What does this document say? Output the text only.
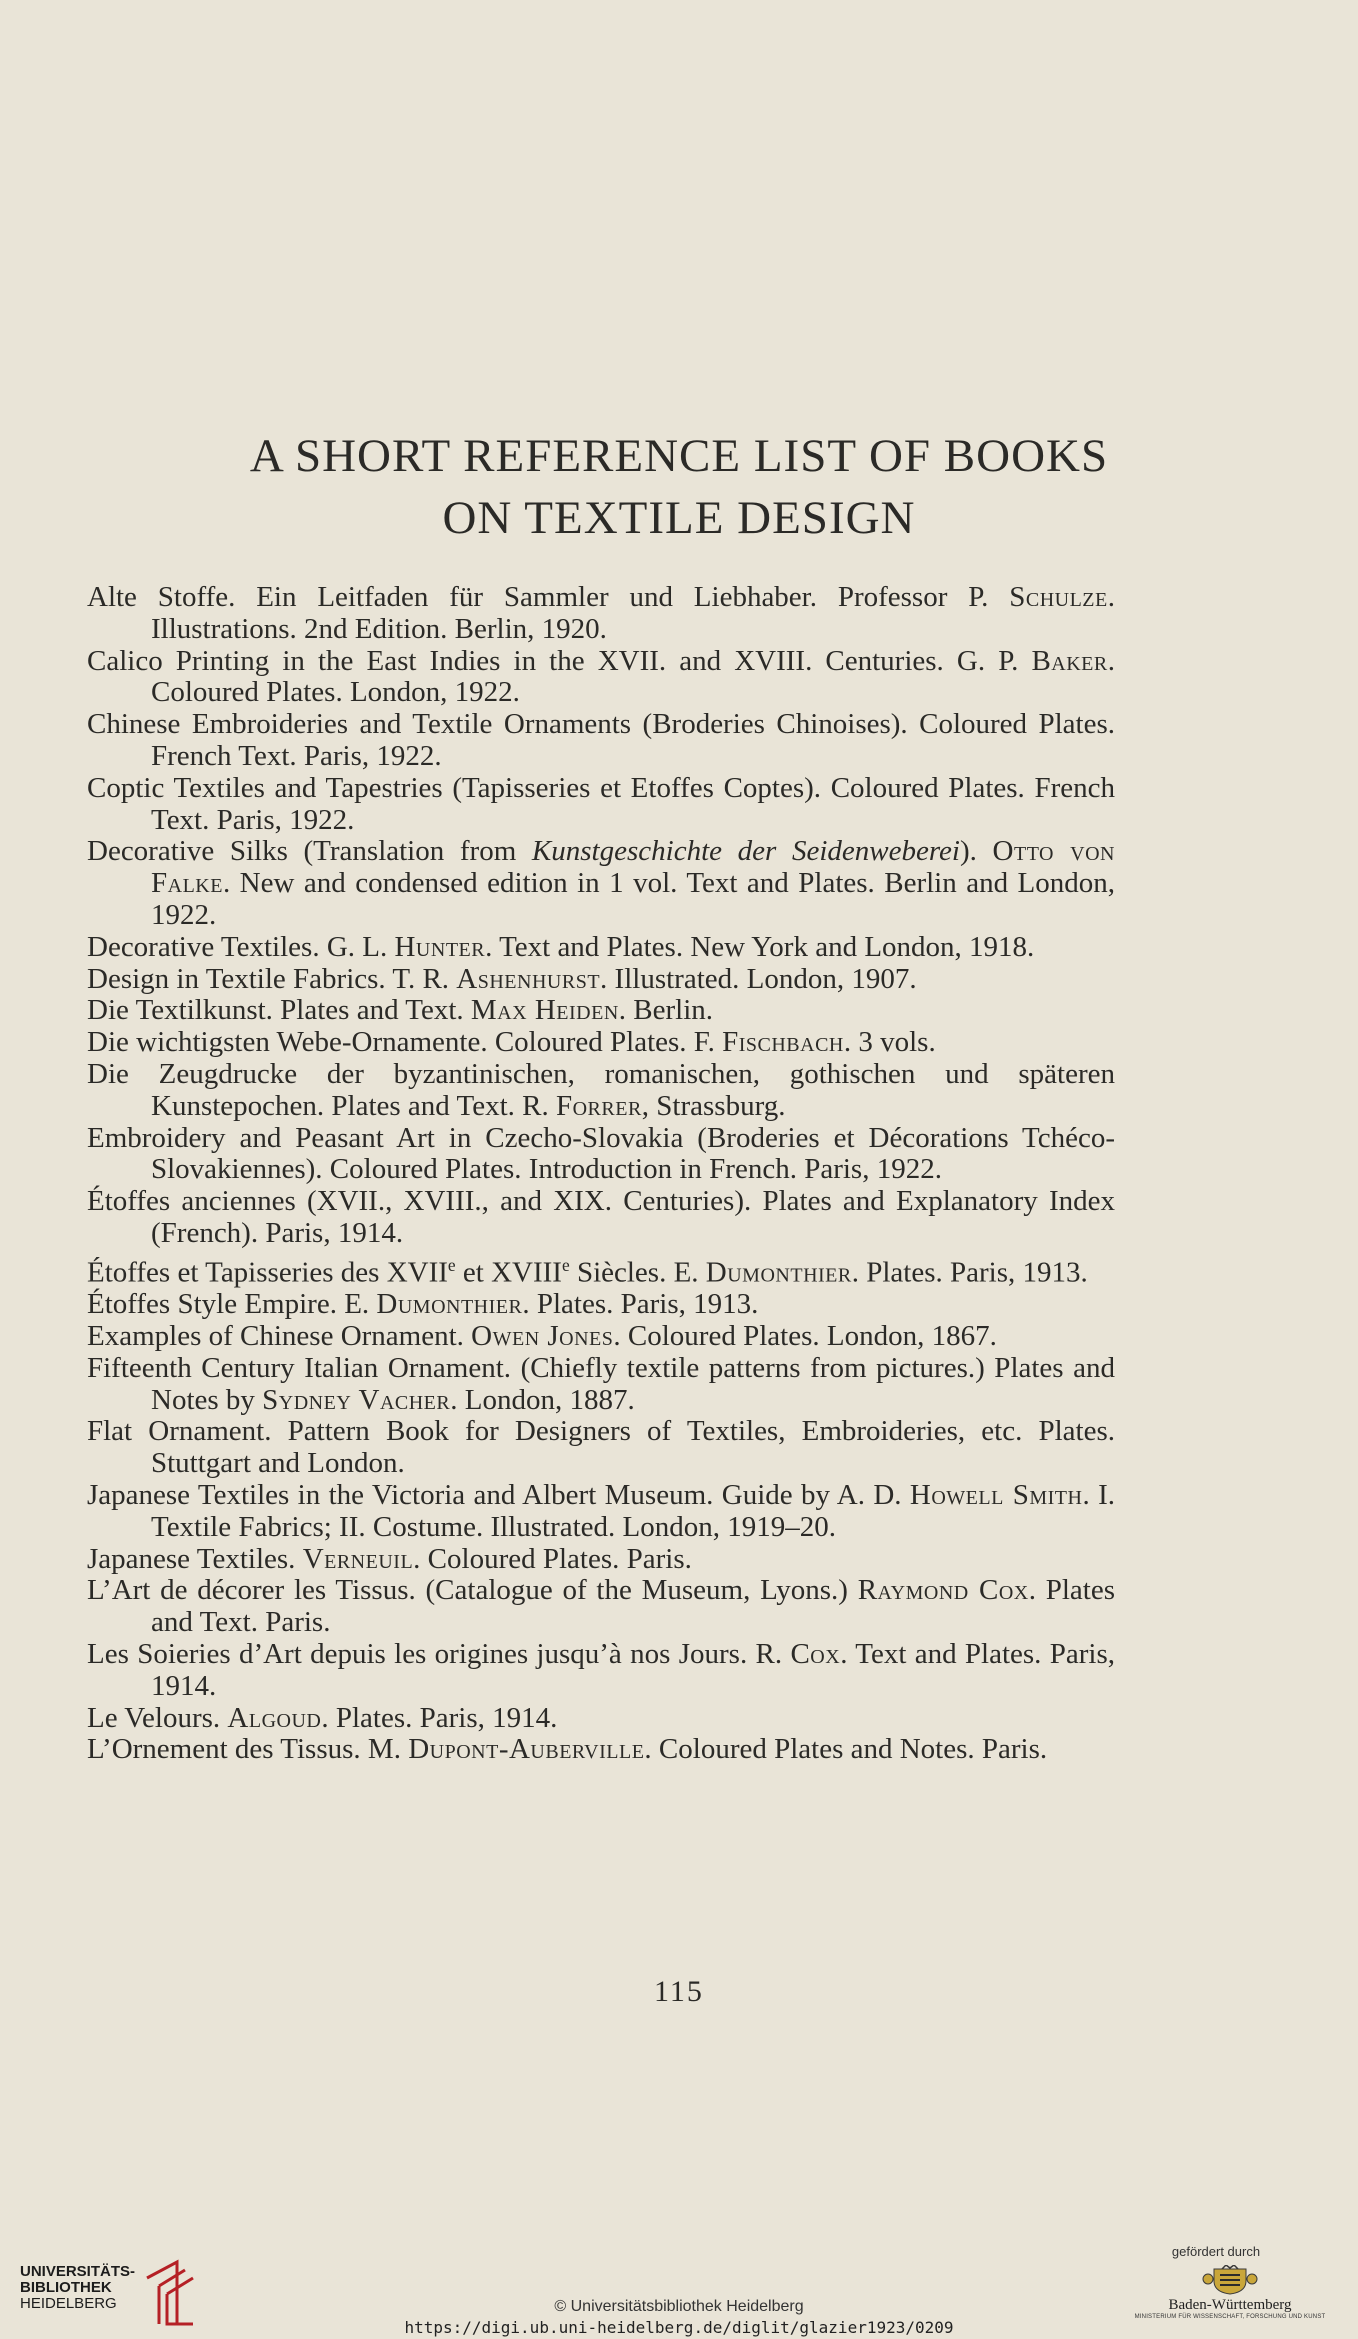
A SHORT REFERENCE LIST OF BOOKS
ON TEXTILE DESIGN
Alte Stoffe. Ein Leitfaden für Sammler und Liebhaber. Professor P. Schulze. Illustrations. 2nd Edition. Berlin, 1920.
Calico Printing in the East Indies in the XVII. and XVIII. Centuries. G. P. Baker. Coloured Plates. London, 1922.
Chinese Embroideries and Textile Ornaments (Broderies Chinoises). Coloured Plates. French Text. Paris, 1922.
Coptic Textiles and Tapestries (Tapisseries et Etoffes Coptes). Coloured Plates. French Text. Paris, 1922.
Decorative Silks (Translation from Kunstgeschichte der Seidenweberei). Otto von Falke. New and condensed edition in 1 vol. Text and Plates. Berlin and London, 1922.
Decorative Textiles. G. L. Hunter. Text and Plates. New York and London, 1918.
Design in Textile Fabrics. T. R. Ashenhurst. Illustrated. London, 1907.
Die Textilkunst. Plates and Text. Max Heiden. Berlin.
Die wichtigsten Webe-Ornamente. Coloured Plates. F. Fischbach. 3 vols.
Die Zeugdrucke der byzantinischen, romanischen, gothischen und späteren Kunstepochen. Plates and Text. R. Forrer, Strassburg.
Embroidery and Peasant Art in Czecho-Slovakia (Broderies et Décorations Tchéco-Slovakiennes). Coloured Plates. Introduction in French. Paris, 1922.
Étoffes anciennes (XVII., XVIII., and XIX. Centuries). Plates and Explanatory Index (French). Paris, 1914.
Étoffes et Tapisseries des XVIIe et XVIIIe Siècles. E. Dumonthier. Plates. Paris, 1913.
Étoffes Style Empire. E. Dumonthier. Plates. Paris, 1913.
Examples of Chinese Ornament. Owen Jones. Coloured Plates. London, 1867.
Fifteenth Century Italian Ornament. (Chiefly textile patterns from pictures.) Plates and Notes by Sydney Vacher. London, 1887.
Flat Ornament. Pattern Book for Designers of Textiles, Embroideries, etc. Plates. Stuttgart and London.
Japanese Textiles in the Victoria and Albert Museum. Guide by A. D. Howell Smith. I. Textile Fabrics; II. Costume. Illustrated. London, 1919–20.
Japanese Textiles. Verneuil. Coloured Plates. Paris.
L’Art de décorer les Tissus. (Catalogue of the Museum, Lyons.) Raymond Cox. Plates and Text. Paris.
Les Soieries d’Art depuis les origines jusqu’à nos Jours. R. Cox. Text and Plates. Paris, 1914.
Le Velours. Algoud. Plates. Paris, 1914.
L’Ornement des Tissus. M. Dupont-Auberville. Coloured Plates and Notes. Paris.
115
UNIVERSITÄTS-
BIBLIOTHEK
HEIDELBERG	© Universitätsbibliothek Heidelberg
https://digi.ub.uni-heidelberg.de/diglit/glazier1923/0209
gefördert durch
Baden-Württemberg
MINISTERIUM FÜR WISSENSCHAFT, FORSCHUNG UND KUNST
